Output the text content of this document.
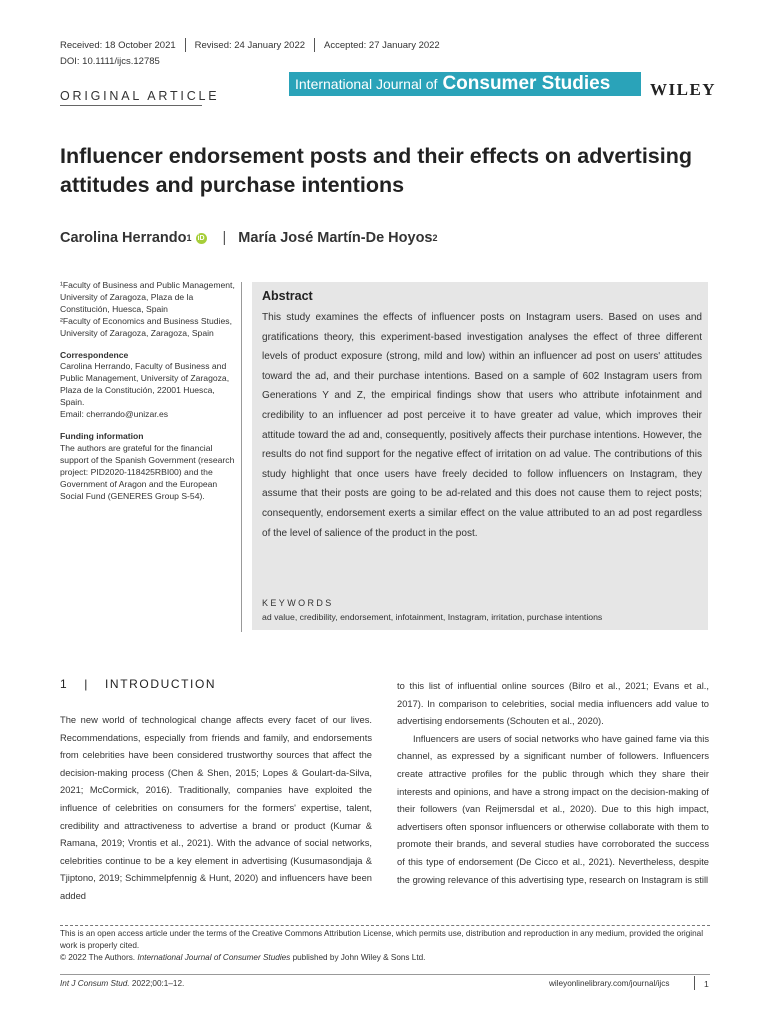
Received: 18 October 2021 Revised: 24 January 2022 Accepted: 27 January 2022
DOI: 10.1111/ijcs.12785
ORIGINAL ARTICLE
International Journal of Consumer Studies WILEY
Influencer endorsement posts and their effects on advertising attitudes and purchase intentions
Carolina Herrando 1 iD | María José Martín-De Hoyos 2

¹Faculty of Business and Public Management, University of Zaragoza, Plaza de la Constitución, Huesca, Spain

²Faculty of Economics and Business Studies, University of Zaragoza, Zaragoza, Spain

Correspondence

Carolina Herrando, Faculty of Business and Public Management, University of Zaragoza, Plaza de la Constitución, 22001 Huesca, Spain.

Email: cherrando@unizar.es

Funding information

The authors are grateful for the financial support of the Spanish Government (research project: PID2020-118425RBI00) and the Government of Aragon and the European Social Fund (GENERES Group S-54).

Abstract
This study examines the effects of influencer posts on Instagram users. Based on uses and gratifications theory, this experiment-based investigation analyses the effect of three different levels of product exposure (strong, mild and low) within an influencer ad post on users' attitudes toward the ad, and their purchase intentions. Based on a sample of 602 Instagram users from Generations Y and Z, the empirical findings show that users who attribute infotainment and credibility to an influencer ad post perceive it to have greater ad value, which improves their attitude toward the ad and, consequently, positively affects their purchase intentions. However, the results do not find support for the negative effect of irritation on ad value. The contributions of this study highlight that once users have freely decided to follow influencers on Instagram, they assume that their posts are going to be ad-related and this does not cause them to reject posts; consequently, endorsement exerts a similar effect on the value attributed to an ad post regardless of the level of salience of the product in the post.
KEYWORDS
ad value, credibility, endorsement, infotainment, Instagram, irritation, purchase intentions
1 | INTRODUCTION

The new world of technological change affects every facet of our lives. Recommendations, especially from friends and family, and endorsements from celebrities have been considered trustworthy sources that affect the decision-making process (Chen & Shen, 2015; Lopes & Goulart-da-Silva, 2021; McCormick, 2016). Traditionally, companies have exploited the influence of celebrities on consumers for the formers' expertise, talent, credibility and attractiveness to advertise a brand or product (Kumar & Ramana, 2019; Vrontis et al., 2021). With the advance of social networks, celebrities continue to be a key element in advertising (Kusumasondjaja & Tjiptono, 2019; Schimmelpfennig & Hunt, 2020) and influencers have been added

to this list of influential online sources (Bilro et al., 2021; Evans et al., 2017). In comparison to celebrities, social media influencers add value to advertising endorsements (Schouten et al., 2020).

Influencers are users of social networks who have gained fame via this channel, as expressed by a significant number of followers. Influencers create attractive profiles for the public through which they share their interests and opinions, and have a strong impact on the decision-making of their followers (van Reijmersdal et al., 2020). Due to this high impact, advertisers often sponsor influencers or otherwise collaborate with them to promote their brands, and several studies have corroborated the success of this type of endorsement (De Cicco et al., 2021). Nevertheless, despite the growing relevance of this advertising type, research on Instagram is still

This is an open access article under the terms of the Creative Commons Attribution License, which permits use, distribution and reproduction in any medium, provided the original work is properly cited.

© 2022 The Authors. International Journal of Consumer Studies published by John Wiley & Sons Ltd.

Int J Consum Stud. 2022;00:1–12.	wileyonlinelibrary.com/journal/ijcs	1
